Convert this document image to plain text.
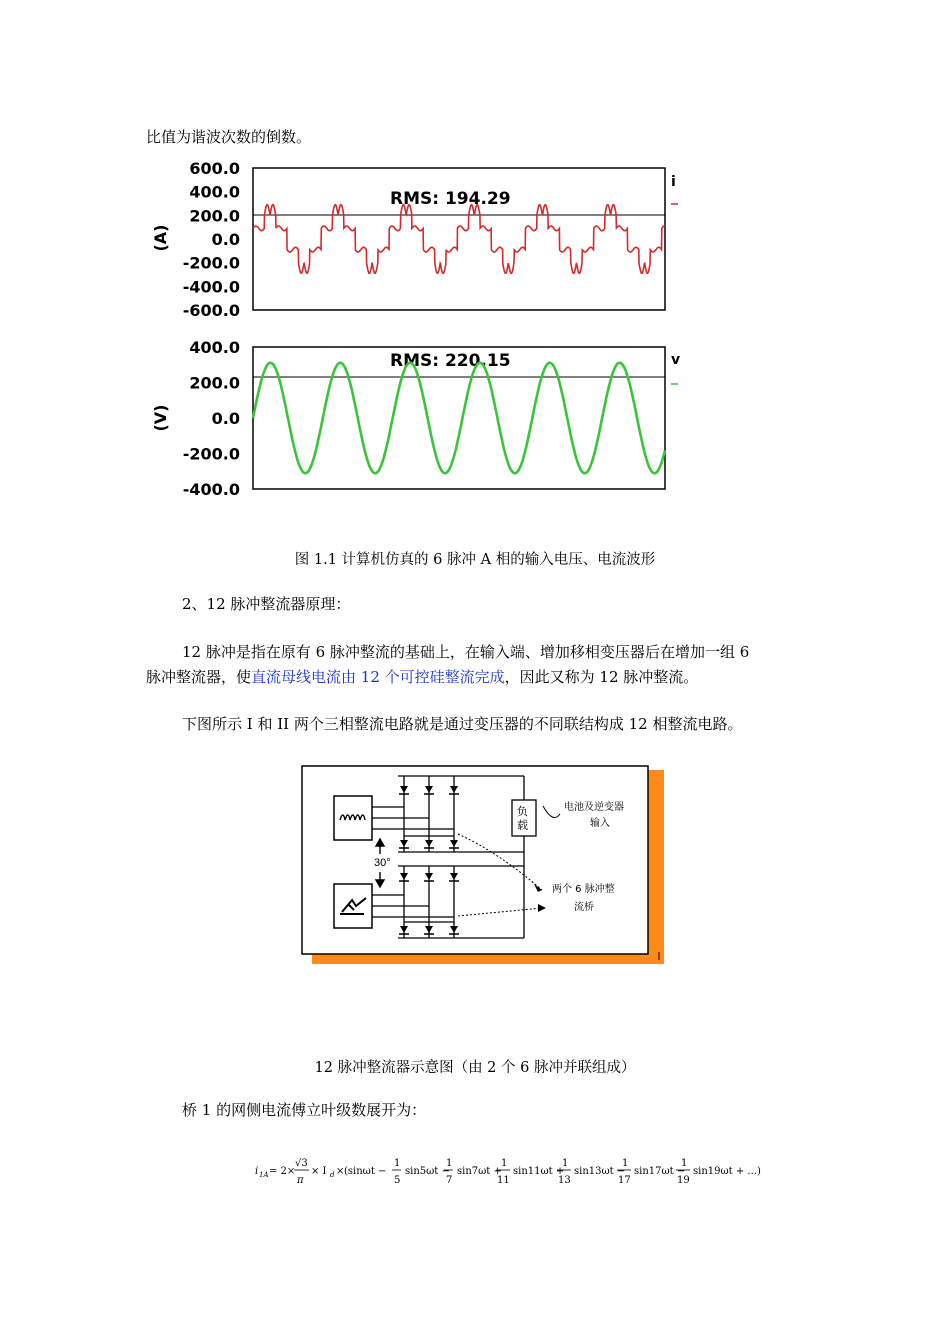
比值为谐波次数的倒数。

600.0
400.0
200.0
0.0
-200.0
-400.0
-600.0
RMS: 194.29
(A)
i
400.0
200.0
0.0
-200.0
-400.0
RMS: 220.15
(V)
v
图 1.1 计算机仿真的 6 脉冲 A 相的输入电压、电流波形

2、12 脉冲整流器原理：

12 脉冲是指在原有 6 脉冲整流的基础上，在输入端、增加移相变压器后在增加一组 6
脉冲整流器，使直流母线电流由 12 个可控硅整流完成，因此又称为 12 脉冲整流。

下图所示 I 和 II 两个三相整流电路就是通过变压器的不同联结构成 12 相整流电路。

30°
负
载
电池及逆变器
输入
两个 6 脉冲整
流桥
12 脉冲整流器示意图（由 2 个 6 脉冲并联组成）

桥 1 的网侧电流傅立叶级数展开为：

i 1A = 2×
√3
π
× I d × (sinωt −
1
5
sin5ωt −
1
7
sin7ωt +
1
11
sin11ωt +
1
13
sin13ωt −
1
17
sin17ωt −
1
19
sin19ωt + ...)
